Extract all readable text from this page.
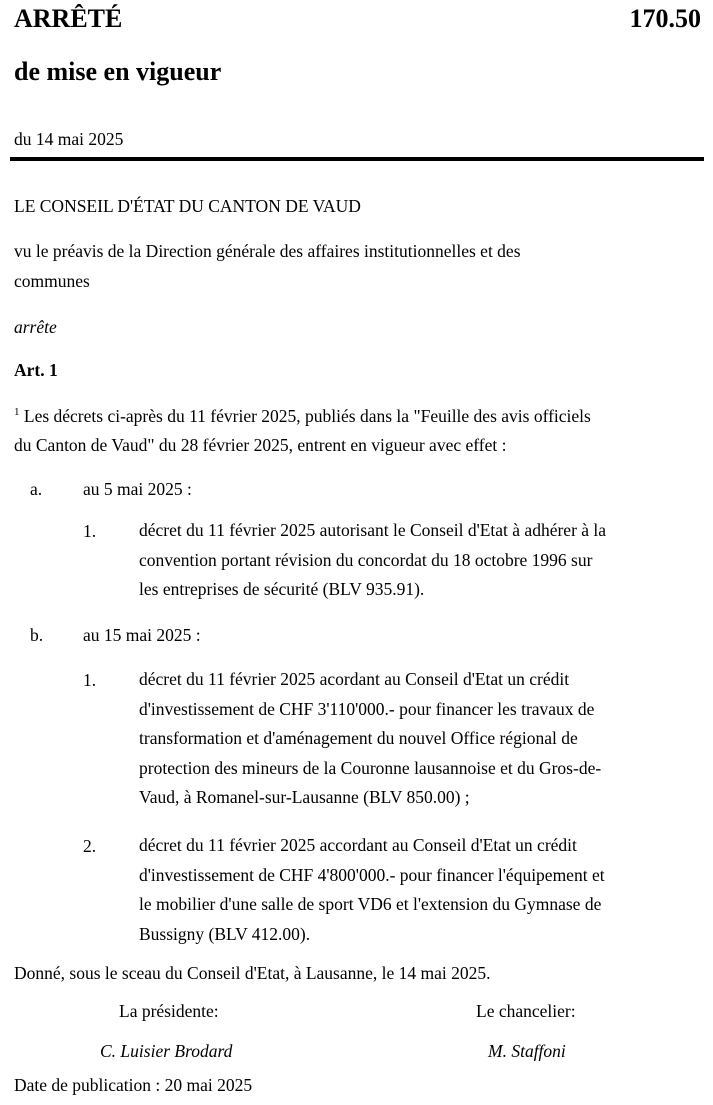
ARRÊTÉ	170.50
de mise en vigueur
du 14 mai 2025
LE CONSEIL D'ÉTAT DU CANTON DE VAUD
vu le préavis de la Direction générale des affaires institutionnelles et des
communes
arrête
Art. 1
$^1$ Les décrets ci-après du 11 février 2025, publiés dans la "Feuille des avis officiels
du Canton de Vaud" du 28 février 2025, entrent en vigueur avec effet :
a. au 5 mai 2025 :
1. décret du 11 février 2025 autorisant le Conseil d'Etat à adhérer à la
convention portant révision du concordat du 18 octobre 1996 sur
les entreprises de sécurité (BLV 935.91).
b. au 15 mai 2025 :
1. décret du 11 février 2025 acordant au Conseil d'Etat un crédit
d'investissement de CHF 3'110'000.- pour financer les travaux de
transformation et d'aménagement du nouvel Office régional de
protection des mineurs de la Couronne lausannoise et du Gros-de-
Vaud, à Romanel-sur-Lausanne (BLV 850.00) ;
2. décret du 11 février 2025 accordant au Conseil d'Etat un crédit
d'investissement de CHF 4'800'000.- pour financer l'équipement et
le mobilier d'une salle de sport VD6 et l'extension du Gymnase de
Bussigny (BLV 412.00).
Donné, sous le sceau du Conseil d'Etat, à Lausanne, le 14 mai 2025.
La présidente:	Le chancelier:
C. Luisier Brodard	M. Staffoni
Date de publication : 20 mai 2025
